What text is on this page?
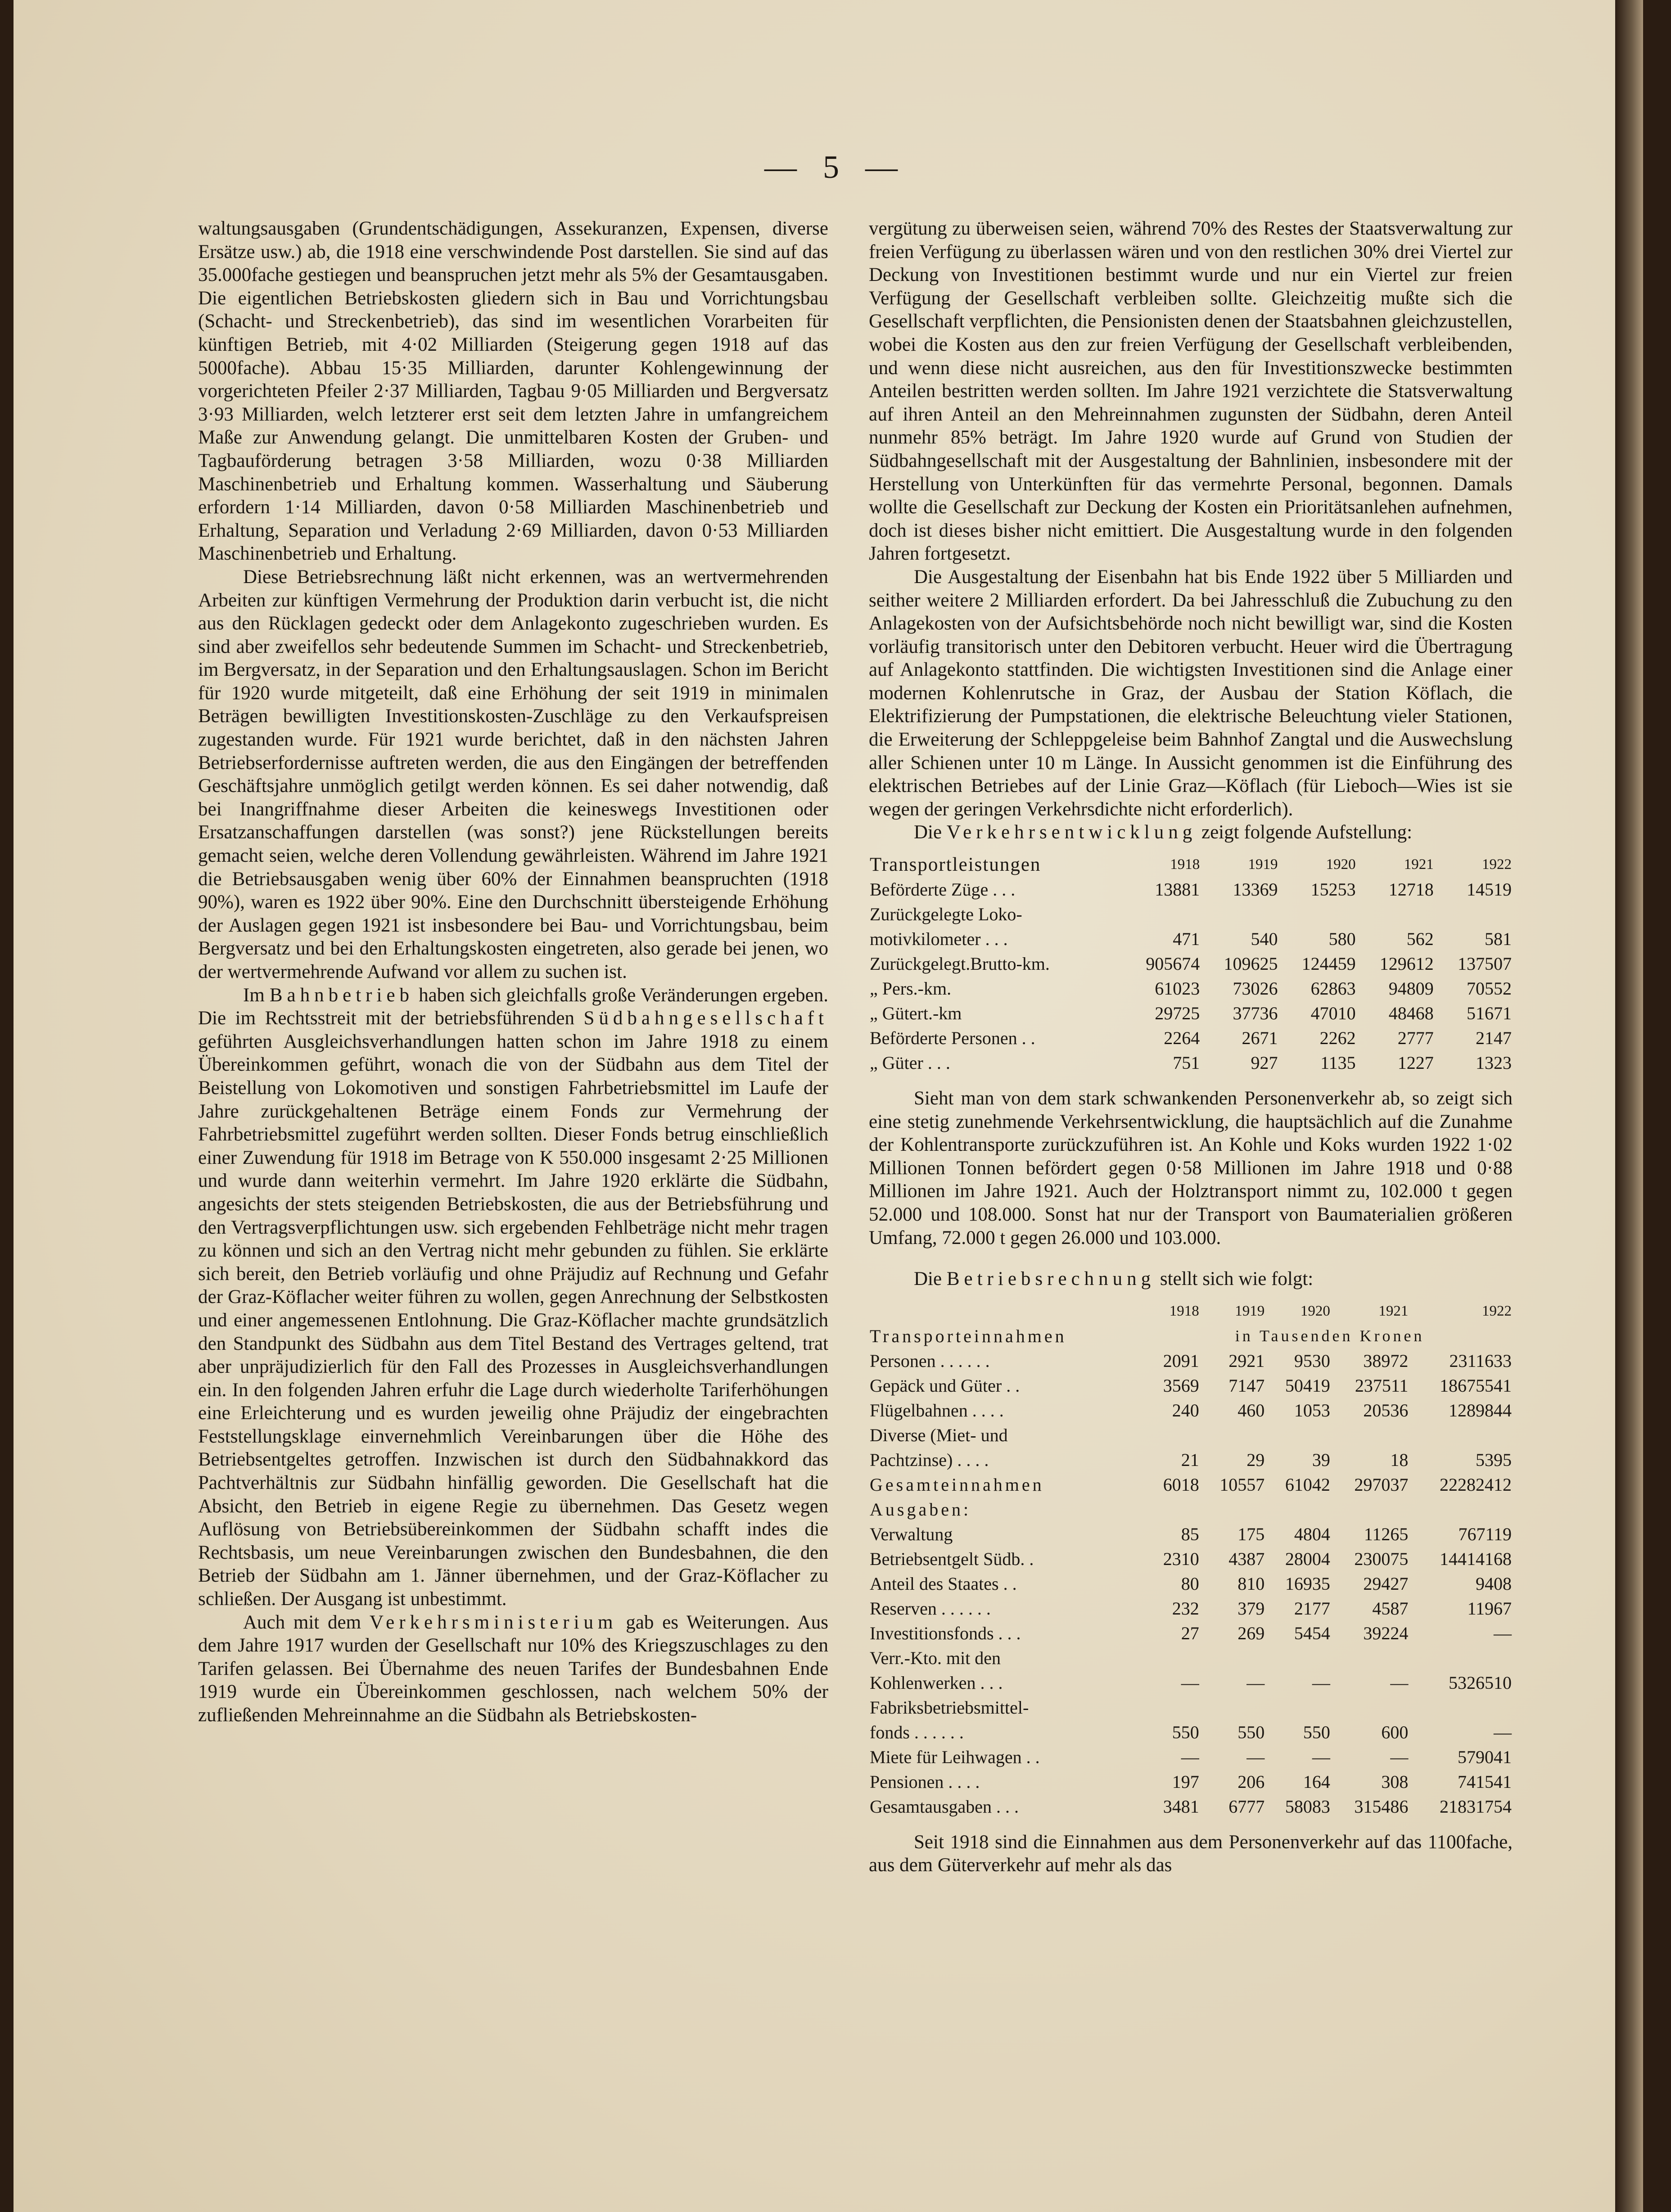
— 5 —

waltungsausgaben (Grundentschädigungen, Assekuranzen, Expensen, diverse Ersätze usw.) ab, die 1918 eine verschwindende Post darstellen. Sie sind auf das 35.000fache gestiegen und beanspruchen jetzt mehr als 5% der Gesamtausgaben. Die eigentlichen Betriebskosten gliedern sich in Bau und Vorrichtungsbau (Schacht- und Streckenbetrieb), das sind im wesentlichen Vorarbeiten für künftigen Betrieb, mit 4·02 Milliarden (Steigerung gegen 1918 auf das 5000fache). Abbau 15·35 Milliarden, darunter Kohlengewinnung der vorgerichteten Pfeiler 2·37 Milliarden, Tagbau 9·05 Milliarden und Bergversatz 3·93 Milliarden, welch letzterer erst seit dem letzten Jahre in umfangreichem Maße zur Anwendung gelangt. Die unmittelbaren Kosten der Gruben- und Tagbauförderung betragen 3·58 Milliarden, wozu 0·38 Milliarden Maschinenbetrieb und Erhaltung kommen. Wasserhaltung und Säuberung erfordern 1·14 Milliarden, davon 0·58 Milliarden Maschinenbetrieb und Erhaltung, Separation und Verladung 2·69 Milliarden, davon 0·53 Milliarden Maschinenbetrieb und Erhaltung.

Diese Betriebsrechnung läßt nicht erkennen, was an wertvermehrenden Arbeiten zur künftigen Vermehrung der Produktion darin verbucht ist, die nicht aus den Rücklagen gedeckt oder dem Anlagekonto zugeschrieben wurden. Es sind aber zweifellos sehr bedeutende Summen im Schacht- und Streckenbetrieb, im Bergversatz, in der Separation und den Erhaltungsauslagen. Schon im Bericht für 1920 wurde mitgeteilt, daß eine Erhöhung der seit 1919 in minimalen Beträgen bewilligten Investitionskosten-Zuschläge zu den Verkaufspreisen zugestanden wurde. Für 1921 wurde berichtet, daß in den nächsten Jahren Betriebserfordernisse auftreten werden, die aus den Eingängen der betreffenden Geschäftsjahre unmöglich getilgt werden können. Es sei daher notwendig, daß bei Inangriffnahme dieser Arbeiten die keineswegs Investitionen oder Ersatzanschaffungen darstellen (was sonst?) jene Rückstellungen bereits gemacht seien, welche deren Vollendung gewährleisten. Während im Jahre 1921 die Betriebsausgaben wenig über 60% der Einnahmen beanspruchten (1918 90%), waren es 1922 über 90%. Eine den Durchschnitt übersteigende Erhöhung der Auslagen gegen 1921 ist insbesondere bei Bau- und Vorrichtungsbau, beim Bergversatz und bei den Erhaltungskosten eingetreten, also gerade bei jenen, wo der wertvermehrende Aufwand vor allem zu suchen ist.

Im Bahnbetrieb haben sich gleichfalls große Veränderungen ergeben. Die im Rechtsstreit mit der betriebsführenden Südbahngesellschaft geführten Ausgleichsverhandlungen hatten schon im Jahre 1918 zu einem Übereinkommen geführt, wonach die von der Südbahn aus dem Titel der Beistellung von Lokomotiven und sonstigen Fahrbetriebsmittel im Laufe der Jahre zurückgehaltenen Beträge einem Fonds zur Vermehrung der Fahrbetriebsmittel zugeführt werden sollten. Dieser Fonds betrug einschließlich einer Zuwendung für 1918 im Betrage von K 550.000 insgesamt 2·25 Millionen und wurde dann weiterhin vermehrt. Im Jahre 1920 erklärte die Südbahn, angesichts der stets steigenden Betriebskosten, die aus der Betriebsführung und den Vertragsverpflichtungen usw. sich ergebenden Fehlbeträge nicht mehr tragen zu können und sich an den Vertrag nicht mehr gebunden zu fühlen. Sie erklärte sich bereit, den Betrieb vorläufig und ohne Präjudiz auf Rechnung und Gefahr der Graz-Köflacher weiter führen zu wollen, gegen Anrechnung der Selbstkosten und einer angemessenen Entlohnung. Die Graz-Köflacher machte grundsätzlich den Standpunkt des Südbahn aus dem Titel Bestand des Vertrages geltend, trat aber unpräjudizierlich für den Fall des Prozesses in Ausgleichsverhandlungen ein. In den folgenden Jahren erfuhr die Lage durch wiederholte Tariferhöhungen eine Erleichterung und es wurden jeweilig ohne Präjudiz der eingebrachten Feststellungsklage einvernehmlich Vereinbarungen über die Höhe des Betriebsentgeltes getroffen. Inzwischen ist durch den Südbahnakkord das Pachtverhältnis zur Südbahn hinfällig geworden. Die Gesellschaft hat die Absicht, den Betrieb in eigene Regie zu übernehmen. Das Gesetz wegen Auflösung von Betriebsübereinkommen der Südbahn schafft indes die Rechtsbasis, um neue Vereinbarungen zwischen den Bundesbahnen, die den Betrieb der Südbahn am 1. Jänner übernehmen, und der Graz-Köflacher zu schließen. Der Ausgang ist unbestimmt.

Auch mit dem Verkehrsministerium gab es Weiterungen. Aus dem Jahre 1917 wurden der Gesellschaft nur 10% des Kriegszuschlages zu den Tarifen gelassen. Bei Übernahme des neuen Tarifes der Bundesbahnen Ende 1919 wurde ein Übereinkommen geschlossen, nach welchem 50% der zufließenden Mehreinnahme an die Südbahn als Betriebskosten-

vergütung zu überweisen seien, während 70% des Restes der Staatsverwaltung zur freien Verfügung zu überlassen wären und von den restlichen 30% drei Viertel zur Deckung von Investitionen bestimmt wurde und nur ein Viertel zur freien Verfügung der Gesellschaft verbleiben sollte. Gleichzeitig mußte sich die Gesellschaft verpflichten, die Pensionisten denen der Staatsbahnen gleichzustellen, wobei die Kosten aus den zur freien Verfügung der Gesellschaft verbleibenden, und wenn diese nicht ausreichen, aus den für Investitionszwecke bestimmten Anteilen bestritten werden sollten. Im Jahre 1921 verzichtete die Statsverwaltung auf ihren Anteil an den Mehreinnahmen zugunsten der Südbahn, deren Anteil nunmehr 85% beträgt. Im Jahre 1920 wurde auf Grund von Studien der Südbahngesellschaft mit der Ausgestaltung der Bahnlinien, insbesondere mit der Herstellung von Unterkünften für das vermehrte Personal, begonnen. Damals wollte die Gesellschaft zur Deckung der Kosten ein Prioritätsanlehen aufnehmen, doch ist dieses bisher nicht emittiert. Die Ausgestaltung wurde in den folgenden Jahren fortgesetzt.

Die Ausgestaltung der Eisenbahn hat bis Ende 1922 über 5 Milliarden und seither weitere 2 Milliarden erfordert. Da bei Jahresschluß die Zubuchung zu den Anlagekosten von der Aufsichtsbehörde noch nicht bewilligt war, sind die Kosten vorläufig transitorisch unter den Debitoren verbucht. Heuer wird die Übertragung auf Anlagekonto stattfinden. Die wichtigsten Investitionen sind die Anlage einer modernen Kohlenrutsche in Graz, der Ausbau der Station Köflach, die Elektrifizierung der Pumpstationen, die elektrische Beleuchtung vieler Stationen, die Erweiterung der Schleppgeleise beim Bahnhof Zangtal und die Auswechslung aller Schienen unter 10 m Länge. In Aussicht genommen ist die Einführung des elektrischen Betriebes auf der Linie Graz—Köflach (für Lieboch—Wies ist sie wegen der geringen Verkehrsdichte nicht erforderlich).

Die Verkehrsentwicklung zeigt folgende Aufstellung:

Transportleistungen	1918	1919	1920	1921	1922
Beförderte Züge . . .	13881	13369	15253	12718	14519
Zurückgelegte Loko-					
motivkilometer . . .	471	540	580	562	581
Zurückgelegt.Brutto-km.	905674	109625	124459	129612	137507
„ Pers.-km.	61023	73026	62863	94809	70552
„ Gütert.-km	29725	37736	47010	48468	51671
Beförderte Personen . .	2264	2671	2262	2777	2147
„ Güter . . .	751	927	1135	1227	1323

Sieht man von dem stark schwankenden Personenverkehr ab, so zeigt sich eine stetig zunehmende Verkehrsentwicklung, die hauptsächlich auf die Zunahme der Kohlentransporte zurückzuführen ist. An Kohle und Koks wurden 1922 1·02 Millionen Tonnen befördert gegen 0·58 Millionen im Jahre 1918 und 0·88 Millionen im Jahre 1921. Auch der Holztransport nimmt zu, 102.000 t gegen 52.000 und 108.000. Sonst hat nur der Transport von Baumaterialien größeren Umfang, 72.000 t gegen 26.000 und 103.000.

Die Betriebsrechnung stellt sich wie folgt:

	1918	1919	1920	1921	1922
Transporteinnahmen	in Tausenden Kronen				
Personen . . . . . .	2091	2921	9530	38972	2311633
Gepäck und Güter . .	3569	7147	50419	237511	18675541
Flügelbahnen . . . .	240	460	1053	20536	1289844
Diverse (Miet- und					
Pachtzinse) . . . .	21	29	39	18	5395
Gesamteinnahmen	6018	10557	61042	297037	22282412
Ausgaben:					
Verwaltung	85	175	4804	11265	767119
Betriebsentgelt Südb. .	2310	4387	28004	230075	14414168
Anteil des Staates . .	80	810	16935	29427	9408
Reserven . . . . . .	232	379	2177	4587	11967
Investitionsfonds . . .	27	269	5454	39224	—
Verr.-Kto. mit den					
Kohlenwerken . . .	—	—	—	—	5326510
Fabriksbetriebsmittel-					
fonds . . . . . .	550	550	550	600	—
Miete für Leihwagen . .	—	—	—	—	579041
Pensionen . . . .	197	206	164	308	741541
Gesamtausgaben . . .	3481	6777	58083	315486	21831754

Seit 1918 sind die Einnahmen aus dem Personenverkehr auf das 1100fache, aus dem Güterverkehr auf mehr als das
